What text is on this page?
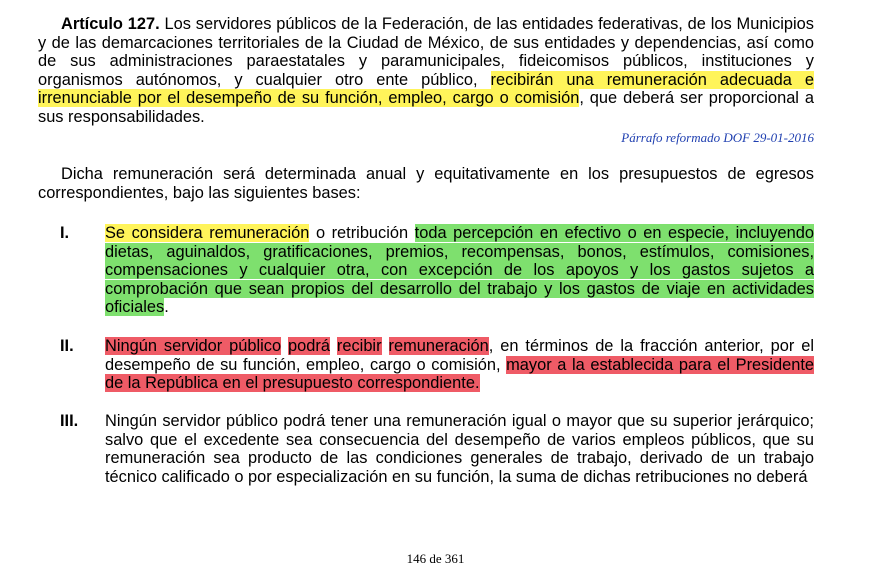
Artículo 127. Los servidores públicos de la Federación, de las entidades federativas, de los Municipios y de las demarcaciones territoriales de la Ciudad de México, de sus entidades y dependencias, así como de sus administraciones paraestatales y paramunicipales, fideicomisos públicos, instituciones y organismos autónomos, y cualquier otro ente público, recibirán una remuneración adecuada e irrenunciable por el desempeño de su función, empleo, cargo o comisión, que deberá ser proporcional a sus responsabilidades.

Párrafo reformado DOF 29-01-2016

Dicha remuneración será determinada anual y equitativamente en los presupuestos de egresos correspondientes, bajo las siguientes bases:

I. Se considera remuneración o retribución toda percepción en efectivo o en especie, incluyendo dietas, aguinaldos, gratificaciones, premios, recompensas, bonos, estímulos, comisiones, compensaciones y cualquier otra, con excepción de los apoyos y los gastos sujetos a comprobación que sean propios del desarrollo del trabajo y los gastos de viaje en actividades oficiales.

II. Ningún servidor público podrá recibir remuneración, en términos de la fracción anterior, por el desempeño de su función, empleo, cargo o comisión, mayor a la establecida para el Presidente de la República en el presupuesto correspondiente.

III. Ningún servidor público podrá tener una remuneración igual o mayor que su superior jerárquico; salvo que el excedente sea consecuencia del desempeño de varios empleos públicos, que su remuneración sea producto de las condiciones generales de trabajo, derivado de un trabajo técnico calificado o por especialización en su función, la suma de dichas retribuciones no deberá

146 de 361
